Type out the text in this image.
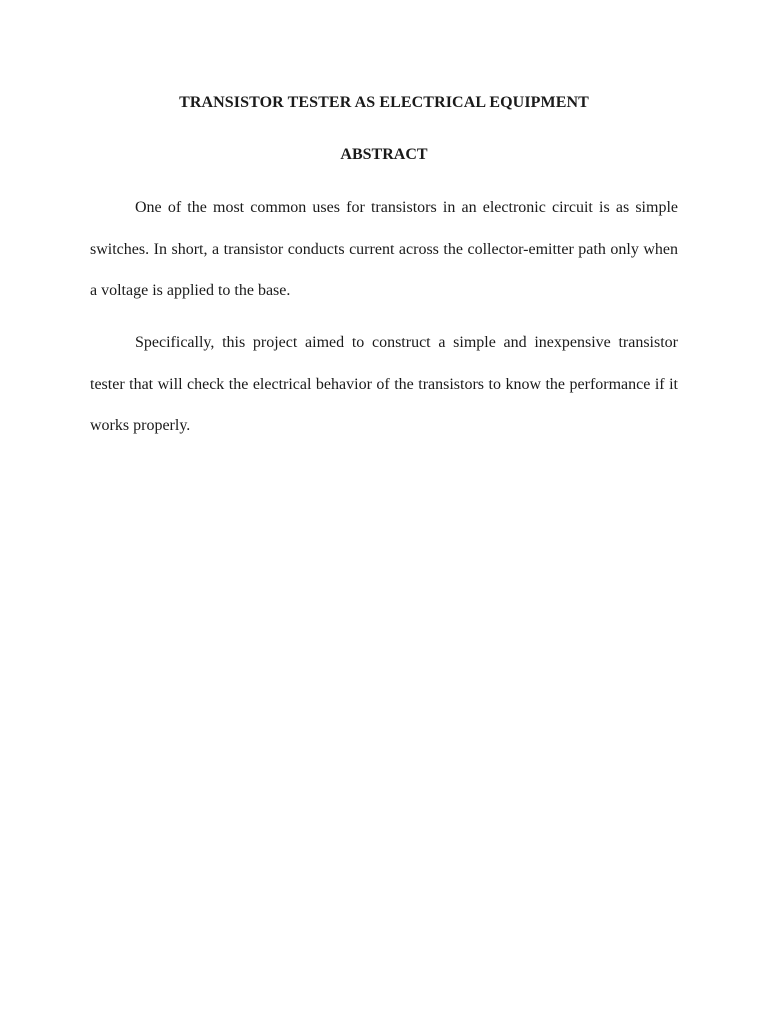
TRANSISTOR TESTER AS ELECTRICAL EQUIPMENT
ABSTRACT

One of the most common uses for transistors in an electronic circuit is as simple switches. In short, a transistor conducts current across the collector-emitter path only when a voltage is applied to the base.

Specifically, this project aimed to construct a simple and inexpensive transistor tester that will check the electrical behavior of the transistors to know the performance if it works properly.
